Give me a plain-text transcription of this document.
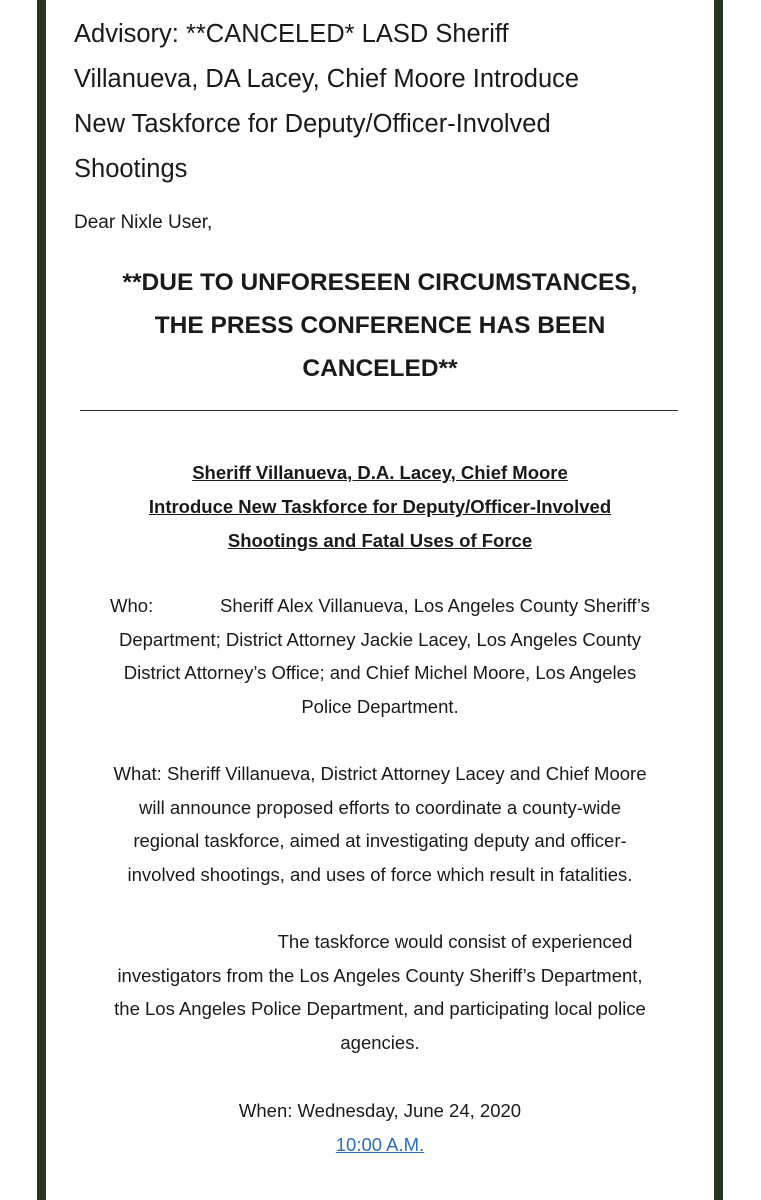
Advisory: **CANCELED* LASD Sheriff
Villanueva, DA Lacey, Chief Moore Introduce
New Taskforce for Deputy/Officer-Involved
Shootings

Dear Nixle User,

**DUE TO UNFORESEEN CIRCUMSTANCES,
THE PRESS CONFERENCE HAS BEEN
CANCELED**
Sheriff Villanueva, D.A. Lacey, Chief Moore
Introduce New Taskforce for Deputy/Officer-Involved
Shootings and Fatal Uses of Force
Who:	Sheriff Alex Villanueva, Los Angeles County Sheriff’s
Department; District Attorney Jackie Lacey, Los Angeles County
District Attorney’s Office; and Chief Michel Moore, Los Angeles
Police Department.
What: Sheriff Villanueva, District Attorney Lacey and Chief Moore
will announce proposed efforts to coordinate a county-wide
regional taskforce, aimed at investigating deputy and officer-
involved shootings, and uses of force which result in fatalities.
The taskforce would consist of experienced
investigators from the Los Angeles County Sheriff’s Department,
the Los Angeles Police Department, and participating local police
agencies.
When: Wednesday, June 24, 2020
10:00 A.M.
